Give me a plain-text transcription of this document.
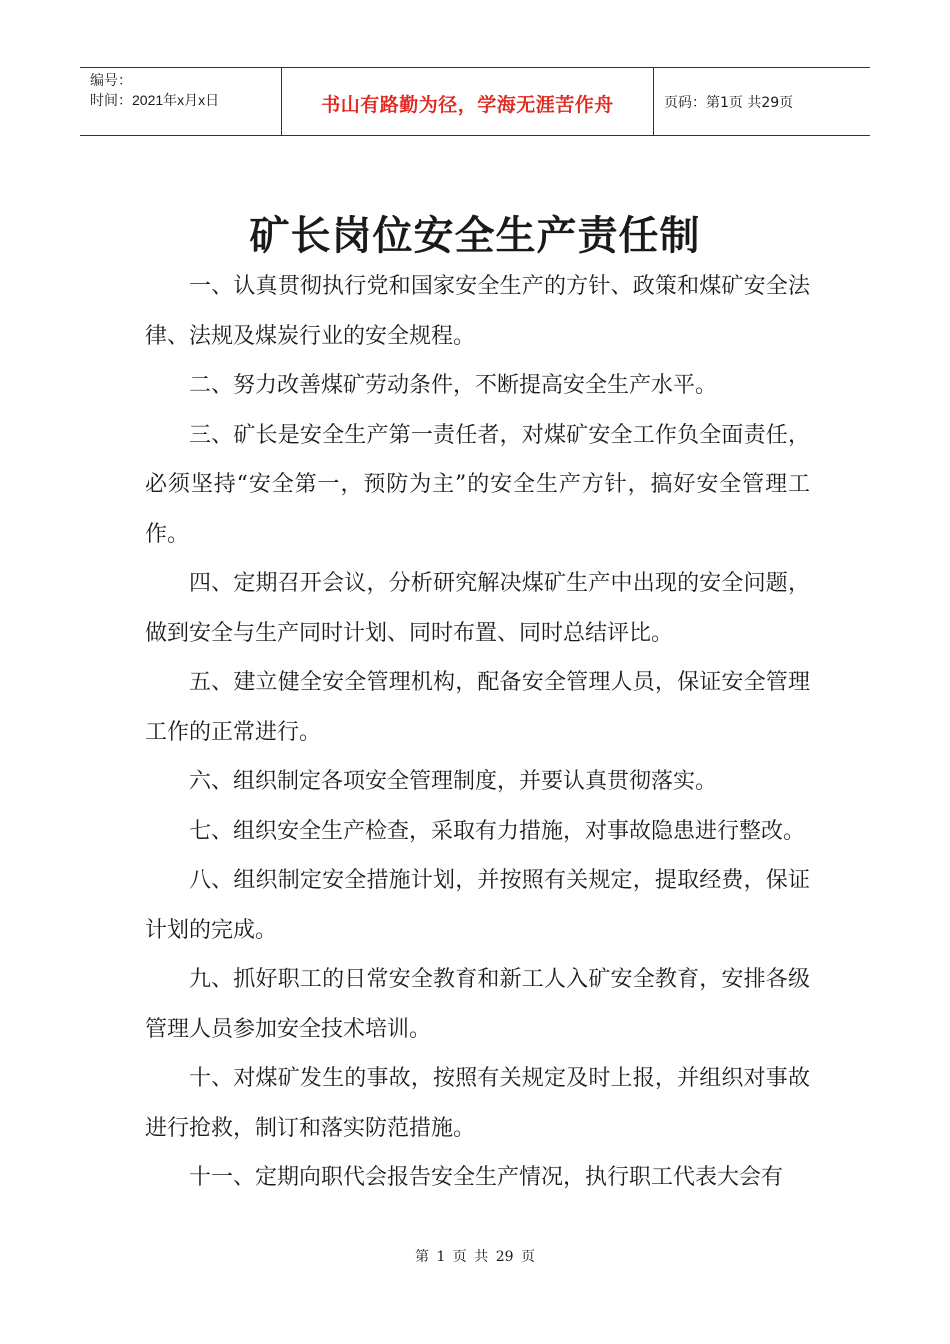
编号：
时间：2021年x月x日	书山有路勤为径，学海无涯苦作舟	页码：第1页 共29页
矿长岗位安全生产责任制

一、认真贯彻执行党和国家安全生产的方针、政策和煤矿安全法律、法规及煤炭行业的安全规程。

二、努力改善煤矿劳动条件，不断提高安全生产水平。

三、矿长是安全生产第一责任者，对煤矿安全工作负全面责任，必须坚持“安全第一，预防为主”的安全生产方针，搞好安全管理工作。

四、定期召开会议，分析研究解决煤矿生产中出现的安全问题，做到安全与生产同时计划、同时布置、同时总结评比。

五、建立健全安全管理机构，配备安全管理人员，保证安全管理工作的正常进行。

六、组织制定各项安全管理制度，并要认真贯彻落实。

七、组织安全生产检查，采取有力措施，对事故隐患进行整改。

八、组织制定安全措施计划，并按照有关规定，提取经费，保证计划的完成。

九、抓好职工的日常安全教育和新工人入矿安全教育，安排各级管理人员参加安全技术培训。

十、对煤矿发生的事故，按照有关规定及时上报，并组织对事故进行抢救，制订和落实防范措施。

十一、定期向职代会报告安全生产情况，执行职工代表大会有

第 1 页 共 29 页
